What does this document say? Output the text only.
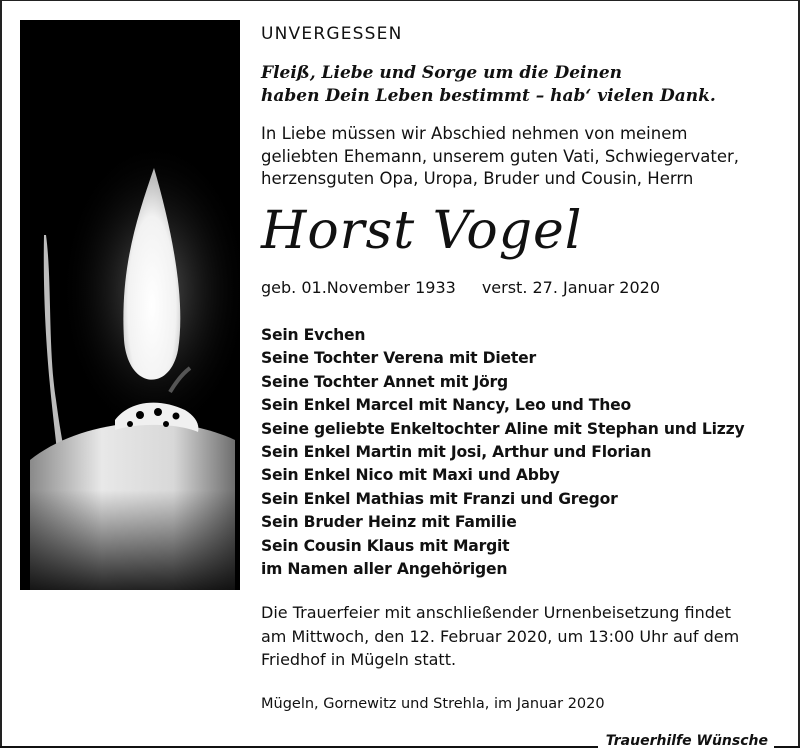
UNVERGESSEN
Fleiß, Liebe und Sorge um die Deinen
haben Dein Leben bestimmt – hab‘ vielen Dank.
In Liebe müssen wir Abschied nehmen von meinem
geliebten Ehemann, unserem guten Vati, Schwiegervater,
herzensguten Opa, Uropa, Bruder und Cousin, Herrn
Horst Vogel
geb. 01.November 1933 verst. 27. Januar 2020
Sein Evchen
Seine Tochter Verena mit Dieter
Seine Tochter Annet mit Jörg
Sein Enkel Marcel mit Nancy, Leo und Theo
Seine geliebte Enkeltochter Aline mit Stephan und Lizzy
Sein Enkel Martin mit Josi, Arthur und Florian
Sein Enkel Nico mit Maxi und Abby
Sein Enkel Mathias mit Franzi und Gregor
Sein Bruder Heinz mit Familie
Sein Cousin Klaus mit Margit
im Namen aller Angehörigen
Die Trauerfeier mit anschließender Urnenbeisetzung findet
am Mittwoch, den 12. Februar 2020, um 13:00 Uhr auf dem
Friedhof in Mügeln statt.
Mügeln, Gornewitz und Strehla, im Januar 2020
Trauerhilfe Wünsche
